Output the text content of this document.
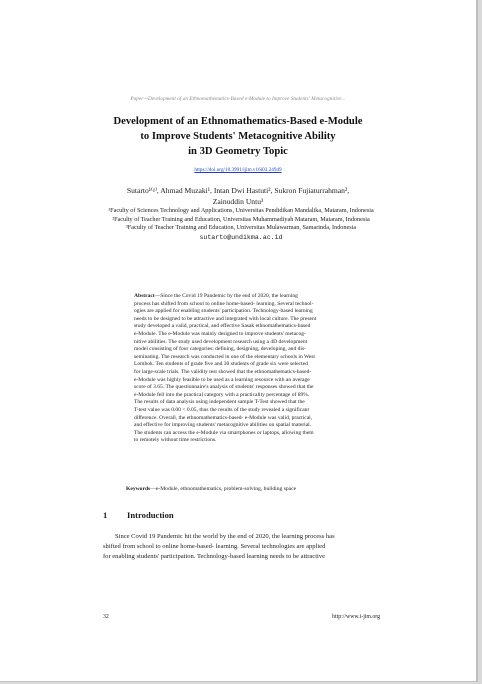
Paper—Development of an Ethnomathematics-Based e-Module to Improve Students' Metacognitive...
Development of an Ethnomathematics-Based e-Module
to Improve Students' Metacognitive Ability
in 3D Geometry Topic
https://doi.org/10.3991/ijim.v16i03.24949
Sutarto¹⁽ᵡ⁾, Ahmad Muzaki¹, Intan Dwi Hastuti², Sukron Fujiaturrahman²,
Zainuddin Untu³
¹Faculty of Sciences Technology and Applications, Universitas Pendidikan Mandalika, Mataram, Indonesia
²Faculty of Teacher Training and Education, Universitas Muhammadiyah Mataram, Mataram, Indonesia
³Faculty of Teacher Training and Education, Universitas Mulawarman, Samarinda, Indonesia
sutarto@undikma.ac.id
Abstract—Since the Covid 19 Pandemic by the end of 2020, the learning
process has shifted from school to online home-based- learning. Several technol-
ogies are applied for enabling students' participation. Technology-based learning
needs to be designed to be attractive and integrated with local culture. The present
study developed a valid, practical, and effective Sasak ethnomathematics-based
e-Module. The e-Module was mainly designed to improve students' metacog-
nitive abilities. The study used development research using a 4D development
model consisting of four categories: defining, designing, developing, and dis-
seminating. The research was conducted in one of the elementary schools in West
Lombok. Ten students of grade five and 30 students of grade six were selected
for large-scale trials. The validity test showed that the ethnomathematics-based-
e-Module was highly feasible to be used as a learning resource with an average
score of 3.65. The questionnaire's analysis of students' responses showed that the
e-Module fell into the practical category with a practicality percentage of 89%.
The results of data analysis using independent sample T-Test showed that the
T-test value was 0.00 < 0.05, thus the results of the study revealed a significant
difference. Overall, the ethnomathematics-based- e-Module was valid, practical,
and effective for improving students' metacognitive abilities on spatial material.
The students can access the e-Module via smartphones or laptops, allowing them
to remotely without time restrictions.
Keywords—e-Module, ethnomathematics, problem-solving, building space
1 Introduction
Since Covid 19 Pandemic hit the world by the end of 2020, the learning process has
shifted from school to online home-based- learning. Several technologies are applied
for enabling students' participation. Technology-based learning needs to be attractive
32	http://www.i-jim.org
